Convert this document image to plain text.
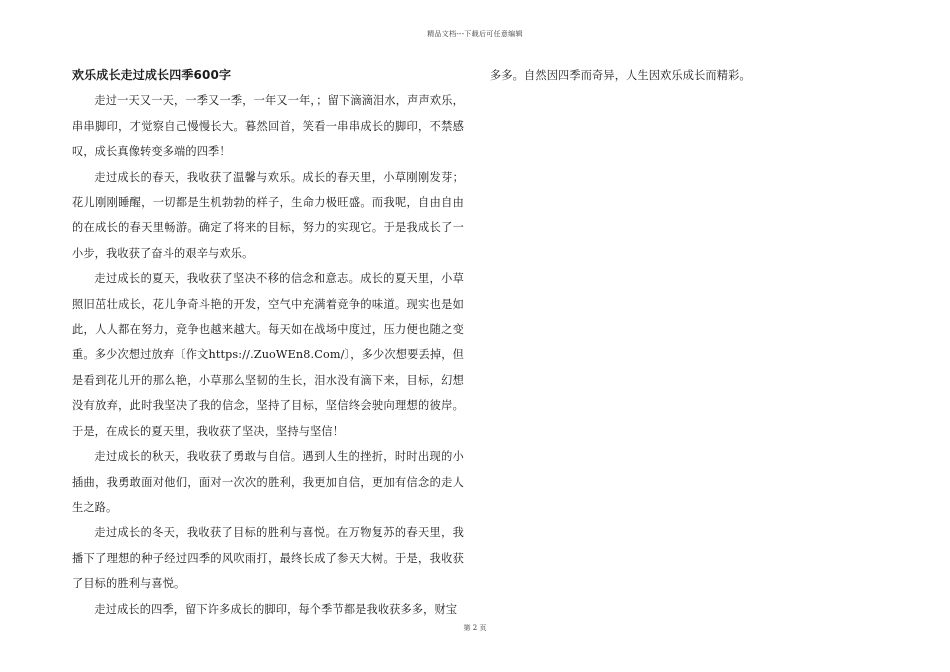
精品文档---下载后可任意编辑
欢乐成长走过成长四季600字

走过一天又一天，一季又一季，一年又一年，；留下滴滴泪水，声声欢乐，串串脚印，才觉察自己慢慢长大。暮然回首，笑看一串串成长的脚印，不禁感叹，成长真像转变多端的四季！

走过成长的春天，我收获了温馨与欢乐。成长的春天里，小草刚刚发芽；花儿刚刚睡醒，一切都是生机勃勃的样子，生命力极旺盛。而我呢，自由自由的在成长的春天里畅游。确定了将来的目标，努力的实现它。于是我成长了一小步，我收获了奋斗的艰辛与欢乐。

走过成长的夏天，我收获了坚决不移的信念和意志。成长的夏天里，小草照旧茁壮成长，花儿争奇斗艳的开发，空气中充满着竞争的味道。现实也是如此，人人都在努力，竞争也越来越大。每天如在战场中度过，压力便也随之变重。多少次想过放弃〔作文https://.ZuoWEn8.Com/〕，多少次想要丢掉，但是看到花儿开的那么艳，小草那么坚韧的生长，泪水没有滴下来，目标，幻想没有放弃，此时我坚决了我的信念，坚持了目标，坚信终会驶向理想的彼岸。于是，在成长的夏天里，我收获了坚决，坚持与坚信！

走过成长的秋天，我收获了勇敢与自信。遇到人生的挫折，时时出现的小插曲，我勇敢面对他们，面对一次次的胜利，我更加自信，更加有信念的走人生之路。

走过成长的冬天，我收获了目标的胜利与喜悦。在万物复苏的春天里，我播下了理想的种子经过四季的风吹雨打，最终长成了参天大树。于是，我收获了目标的胜利与喜悦。

走过成长的四季，留下许多成长的脚印，每个季节都是我收获多多，财宝

多多。自然因四季而奇异，人生因欢乐成长而精彩。

第 2 页
